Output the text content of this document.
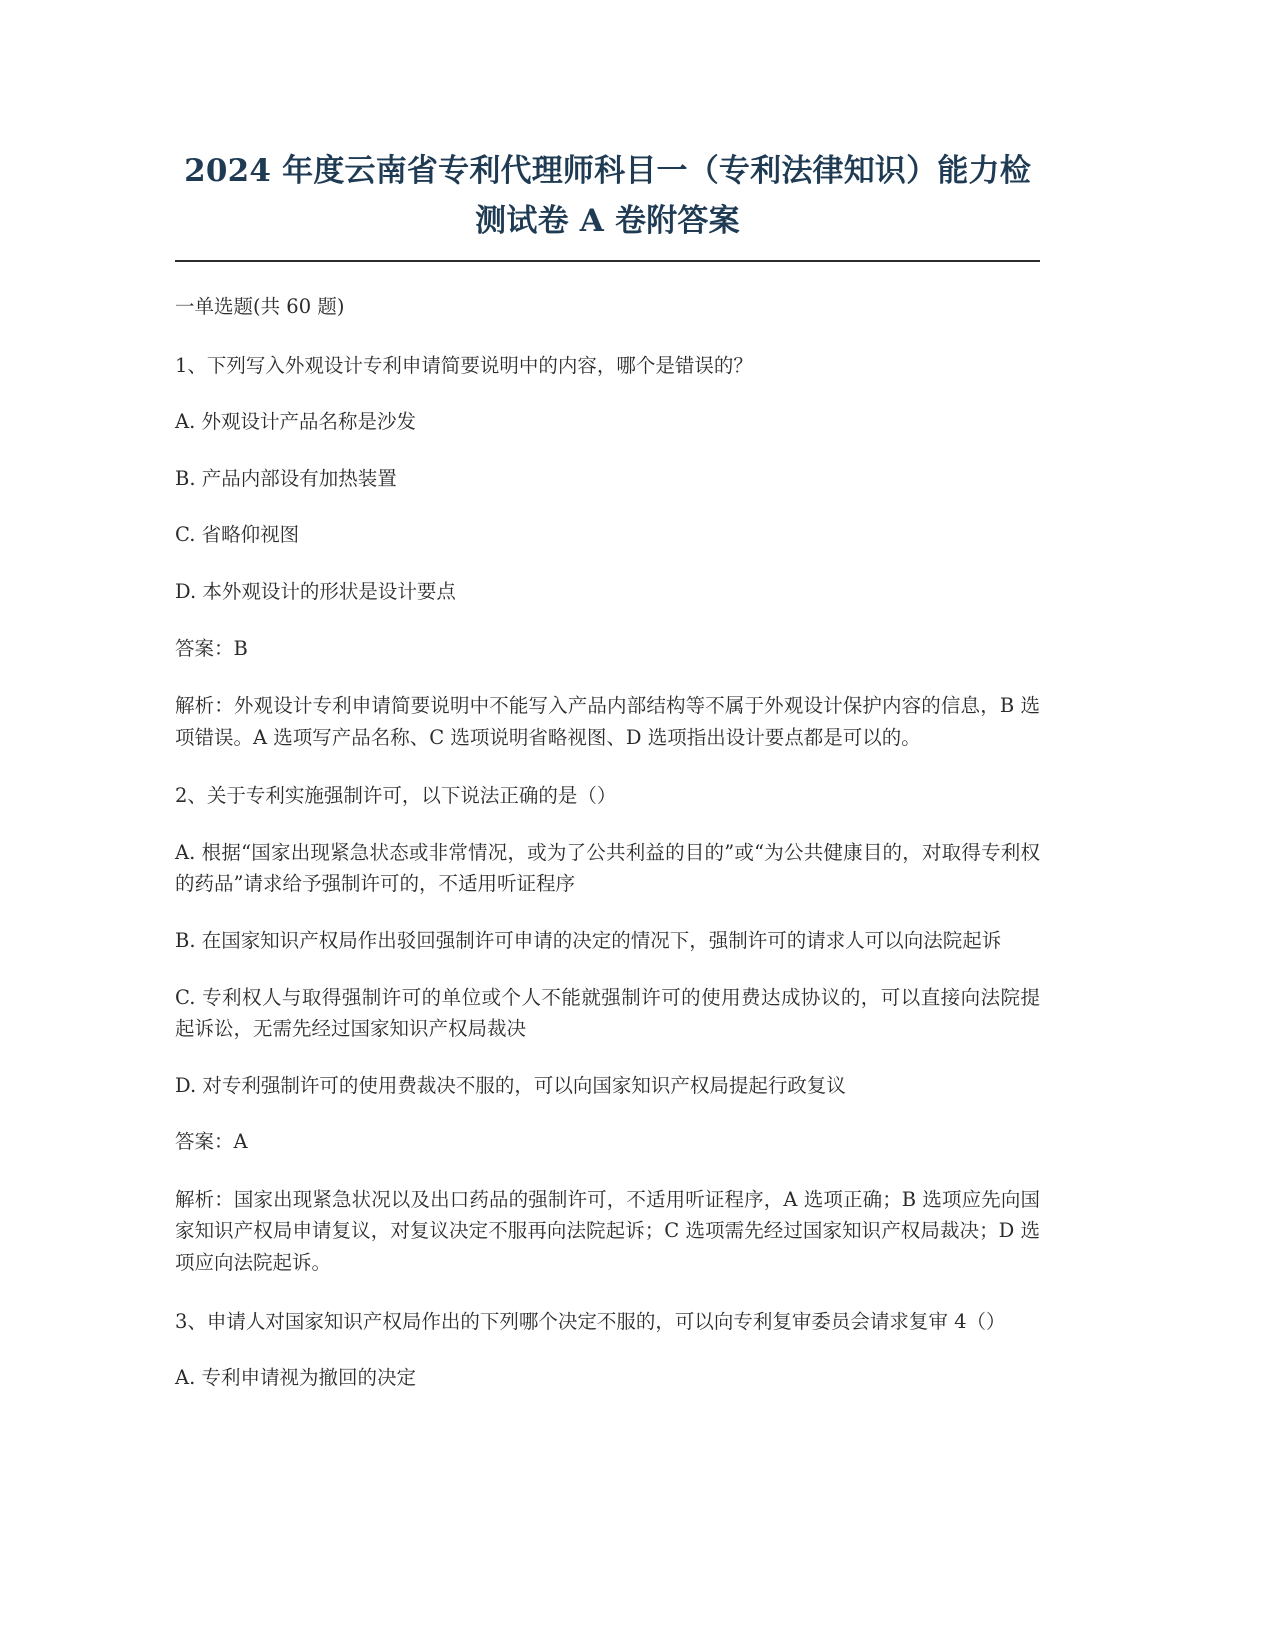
2024 年度云南省专利代理师科目一（专利法律知识）能力检测试卷 A 卷附答案

一单选题(共 60 题)

1、下列写入外观设计专利申请简要说明中的内容，哪个是错误的？

A. 外观设计产品名称是沙发

B. 产品内部设有加热装置

C. 省略仰视图

D. 本外观设计的形状是设计要点

答案：B

解析：外观设计专利申请简要说明中不能写入产品内部结构等不属于外观设计保护内容的信息，B 选项错误。A 选项写产品名称、C 选项说明省略视图、D 选项指出设计要点都是可以的。

2、关于专利实施强制许可，以下说法正确的是（）

A. 根据“国家出现紧急状态或非常情况，或为了公共利益的目的”或“为公共健康目的，对取得专利权的药品”请求给予强制许可的，不适用听证程序

B. 在国家知识产权局作出驳回强制许可申请的决定的情况下，强制许可的请求人可以向法院起诉

C. 专利权人与取得强制许可的单位或个人不能就强制许可的使用费达成协议的，可以直接向法院提起诉讼，无需先经过国家知识产权局裁决

D. 对专利强制许可的使用费裁决不服的，可以向国家知识产权局提起行政复议

答案：A

解析：国家出现紧急状况以及出口药品的强制许可，不适用听证程序，A 选项正确；B 选项应先向国家知识产权局申请复议，对复议决定不服再向法院起诉；C 选项需先经过国家知识产权局裁决；D 选项应向法院起诉。

3、申请人对国家知识产权局作出的下列哪个决定不服的，可以向专利复审委员会请求复审 4（）

A. 专利申请视为撤回的决定
